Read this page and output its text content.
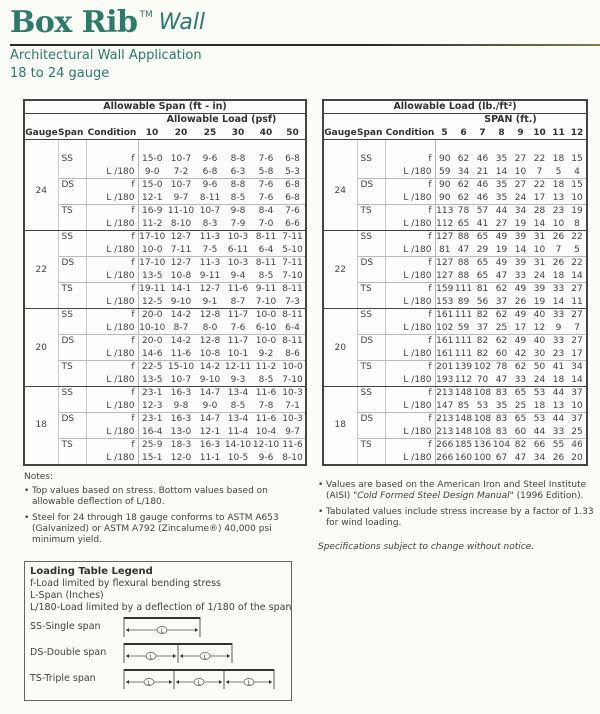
Box Rib TM Wall
Architectural Wall Application
18 to 24 gauge
Allowable Span (ft - in)								
			Allowable Load (psf)					
Gauge	Span	Condition	10	20	25	30	40	50

24	SS	f	15-0	10-7	9-6	8-8	7-6	6-8
		L /180	9-0	7-2	6-8	6-3	5-8	5-3
	DS	f	15-0	10-7	9-6	8-8	7-6	6-8
		L /180	12-1	9-7	8-11	8-5	7-6	6-8
	TS	f	16-9	11-10	10-7	9-8	8-4	7-6
		L /180	11-2	8-10	8-3	7-9	7-0	6-6
22	SS	f	17-10	12-7	11-3	10-3	8-11	7-11
		L /180	10-0	7-11	7-5	6-11	6-4	5-10
	DS	f	17-10	12-7	11-3	10-3	8-11	7-11
		L /180	13-5	10-8	9-11	9-4	8-5	7-10
	TS	f	19-11	14-1	12-7	11-6	9-11	8-11
		L /180	12-5	9-10	9-1	8-7	7-10	7-3
20	SS	f	20-0	14-2	12-8	11-7	10-0	8-11
		L /180	10-10	8-7	8-0	7-6	6-10	6-4
	DS	f	20-0	14-2	12-8	11-7	10-0	8-11
		L /180	14-6	11-6	10-8	10-1	9-2	8-6
	TS	f	22-5	15-10	14-2	12-11	11-2	10-0
		L /180	13-5	10-7	9-10	9-3	8-5	7-10
18	SS	f	23-1	16-3	14-7	13-4	11-6	10-3
		L /180	12-3	9-8	9-0	8-5	7-8	7-1
	DS	f	23-1	16-3	14-7	13-4	11-6	10-3
		L /180	16-4	13-0	12-1	11-4	10-4	9-7
	TS	f	25-9	18-3	16-3	14-10	12-10	11-6
		L /180	15-1	12-0	11-1	10-5	9-6	8-10
Allowable Load (lb./ft²)										
			SPAN (ft.)							
Gauge	Span	Condition	5	6	7	8	9	10	11	12

24	SS	f	90	62	46	35	27	22	18	15
		L /180	59	34	21	14	10	7	5	4
	DS	f	90	62	46	35	27	22	18	15
		L /180	90	62	46	35	24	17	13	10
	TS	f	113	78	57	44	34	28	23	19
		L /180	112	65	41	27	19	14	10	8
22	SS	f	127	88	65	49	39	31	26	22
		L /180	81	47	29	19	14	10	7	5
	DS	f	127	88	65	49	39	31	26	22
		L /180	127	88	65	47	33	24	18	14
	TS	f	159	111	81	62	49	39	33	27
		L /180	153	89	56	37	26	19	14	11
20	SS	f	161	111	82	62	49	40	33	27
		L /180	102	59	37	25	17	12	9	7
	DS	f	161	111	82	62	49	40	33	27
		L /180	161	111	82	60	42	30	23	17
	TS	f	201	139	102	78	62	50	41	34
		L /180	193	112	70	47	33	24	18	14
18	SS	f	213	148	108	83	65	53	44	37
		L /180	147	85	53	35	25	18	13	10
	DS	f	213	148	108	83	65	53	44	37
		L /180	213	148	108	83	60	44	33	25
	TS	f	266	185	136	104	82	66	55	46
		L /180	266	160	100	67	47	34	26	20
Notes:
• Top values based on stress. Bottom values based on allowable deflection of L/180.
• Steel for 24 through 18 gauge conforms to ASTM A653 (Galvanized) or ASTM A792 (Zincalume®) 40,000 psi minimum yield.
• Values are based on the American Iron and Steel Institute (AISI) "Cold Formed Steel Design Manual" (1996 Edition).
• Tabulated values include stress increase by a factor of 1.33 for wind loading.
Specifications subject to change without notice.
Loading Table Legend
f-Load limited by flexural bending stress
L-Span (Inches)
L/180-Load limited by a deflection of 1/180 of the span
SS-Single span	L
DS-Double span	L	L
TS-Triple span	L	L	L
